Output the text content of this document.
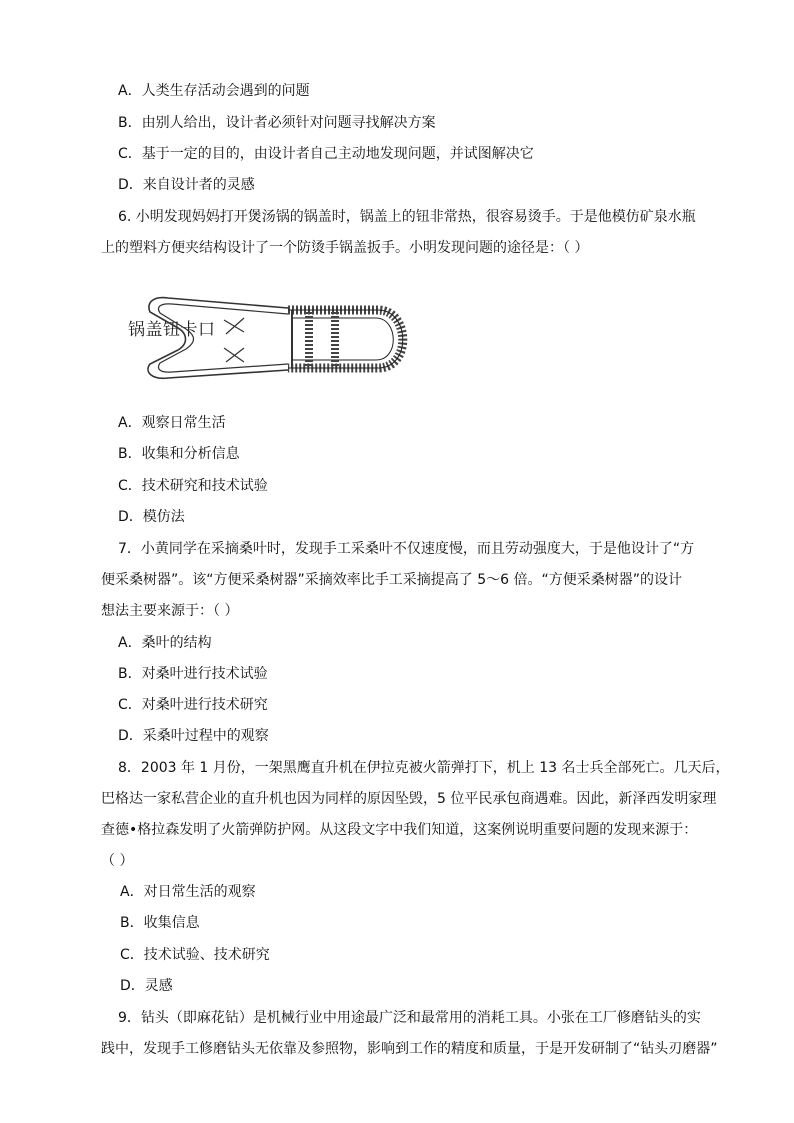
A．人类生存活动会遇到的问题
B．由别人给出，设计者必须针对问题寻找解决方案
C．基于一定的目的，由设计者自己主动地发现问题，并试图解决它
D．来自设计者的灵感
6. 小明发现妈妈打开煲汤锅的锅盖时，锅盖上的钮非常热，很容易烫手。于是他模仿矿泉水瓶
上的塑料方便夹结构设计了一个防烫手锅盖扳手。小明发现问题的途径是：（ ）
锅盖钮卡口
A．观察日常生活
B．收集和分析信息
C．技术研究和技术试验
D．模仿法
7．小黄同学在采摘桑叶时，发现手工采桑叶不仅速度慢，而且劳动强度大，于是他设计了“方
便采桑树器”。该“方便采桑树器”采摘效率比手工采摘提高了 5～6 倍。“方便采桑树器”的设计
想法主要来源于：（ ）
A．桑叶的结构
B．对桑叶进行技术试验
C．对桑叶进行技术研究
D．采桑叶过程中的观察
8．2003 年 1 月份，一架黑鹰直升机在伊拉克被火箭弹打下，机上 13 名士兵全部死亡。几天后，
巴格达一家私营企业的直升机也因为同样的原因坠毁，5 位平民承包商遇难。因此，新泽西发明家理
查德•格拉森发明了火箭弹防护网。从这段文字中我们知道，这案例说明重要问题的发现来源于：
（ ）
A．对日常生活的观察
B．收集信息
C．技术试验、技术研究
D．灵感
9．钻头（即麻花钻）是机械行业中用途最广泛和最常用的消耗工具。小张在工厂修磨钻头的实
践中，发现手工修磨钻头无依靠及参照物，影响到工作的精度和质量，于是开发研制了“钻头刃磨器”
